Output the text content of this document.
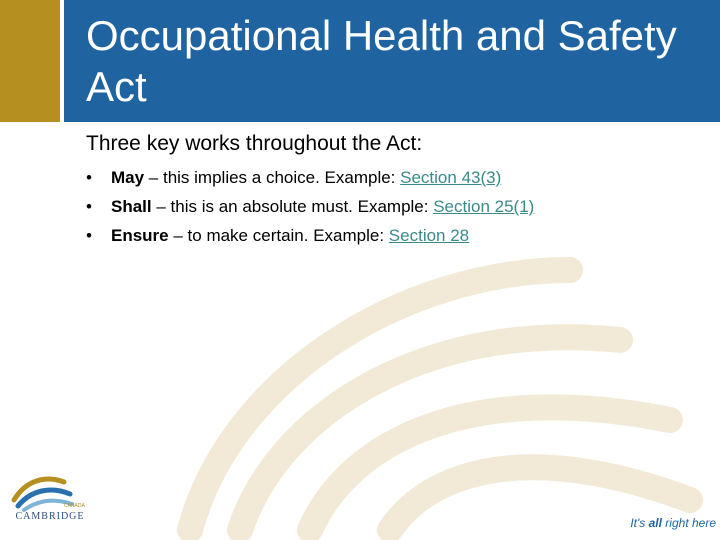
Occupational Health and Safety Act

Three key works throughout the Act:

• May – this implies a choice. Example: Section 43(3)
• Shall – this is an absolute must. Example: Section 25(1)
• Ensure – to make certain. Example: Section 28
CANADA
CAMBRIDGE	It's all right here
